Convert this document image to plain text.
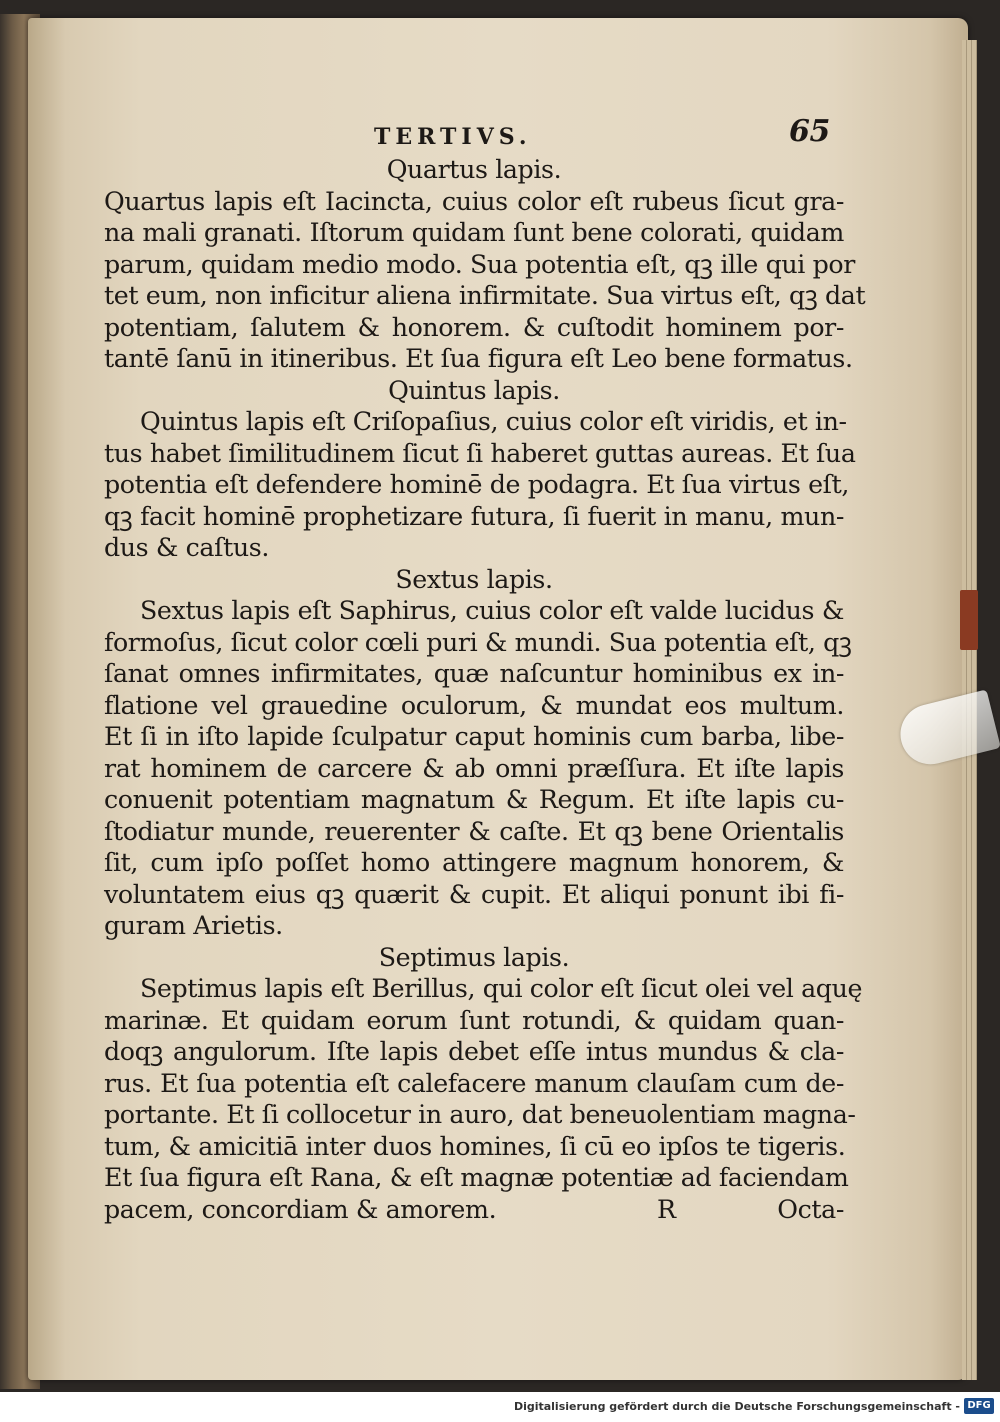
TERTIVS.	65
Quartus lapis.
Quartus lapis eſt Iacincta, cuius color eſt rubeus ſicut gra-
na mali granati. Iſtorum quidam ſunt bene colorati, quidam
parum, quidam medio modo. Sua potentia eſt, qꝫ ille qui por
tet eum, non inficitur aliena infirmitate. Sua virtus eſt, qꝫ dat
potentiam, ſalutem & honorem. & cuſtodit hominem por-
tantē ſanū in itineribus. Et ſua figura eſt Leo bene formatus.
Quintus lapis.
Quintus lapis eſt Criſopaſius, cuius color eſt viridis, et in-
tus habet ſimilitudinem ſicut ſi haberet guttas aureas. Et ſua
potentia eſt defendere hominē de podagra. Et ſua virtus eſt,
qꝫ facit hominē prophetizare futura, ſi fuerit in manu, mun-
dus & caſtus.
Sextus lapis.
Sextus lapis eſt Saphirus, cuius color eſt valde lucidus &
formoſus, ſicut color cœli puri & mundi. Sua potentia eſt, qꝫ
ſanat omnes infirmitates, quæ naſcuntur hominibus ex in-
flatione vel grauedine oculorum, & mundat eos multum.
Et ſi in iſto lapide ſculpatur caput hominis cum barba, libe-
rat hominem de carcere & ab omni præſſura. Et iſte lapis
conuenit potentiam magnatum & Regum. Et iſte lapis cu-
ſtodiatur munde, reuerenter & caſte. Et qꝫ bene Orientalis
ſit, cum ipſo poſſet homo attingere magnum honorem, &
voluntatem eius qꝫ quærit & cupit. Et aliqui ponunt ibi fi-
guram Arietis.
Septimus lapis.
Septimus lapis eſt Berillus, qui color eſt ſicut olei vel aquę
marinæ. Et quidam eorum ſunt rotundi, & quidam quan-
doqꝫ angulorum. Iſte lapis debet eſſe intus mundus & cla-
rus. Et ſua potentia eſt calefacere manum clauſam cum de-
portante. Et ſi collocetur in auro, dat beneuolentiam magna-
tum, & amicitiā inter duos homines, ſi cū eo ipſos te tigeris.
Et ſua figura eſt Rana, & eſt magnæ potentiæ ad faciendam
pacem, concordiam & amorem.	R	Octa-
Digitalisierung gefördert durch die Deutsche Forschungsgemeinschaft - DFG
